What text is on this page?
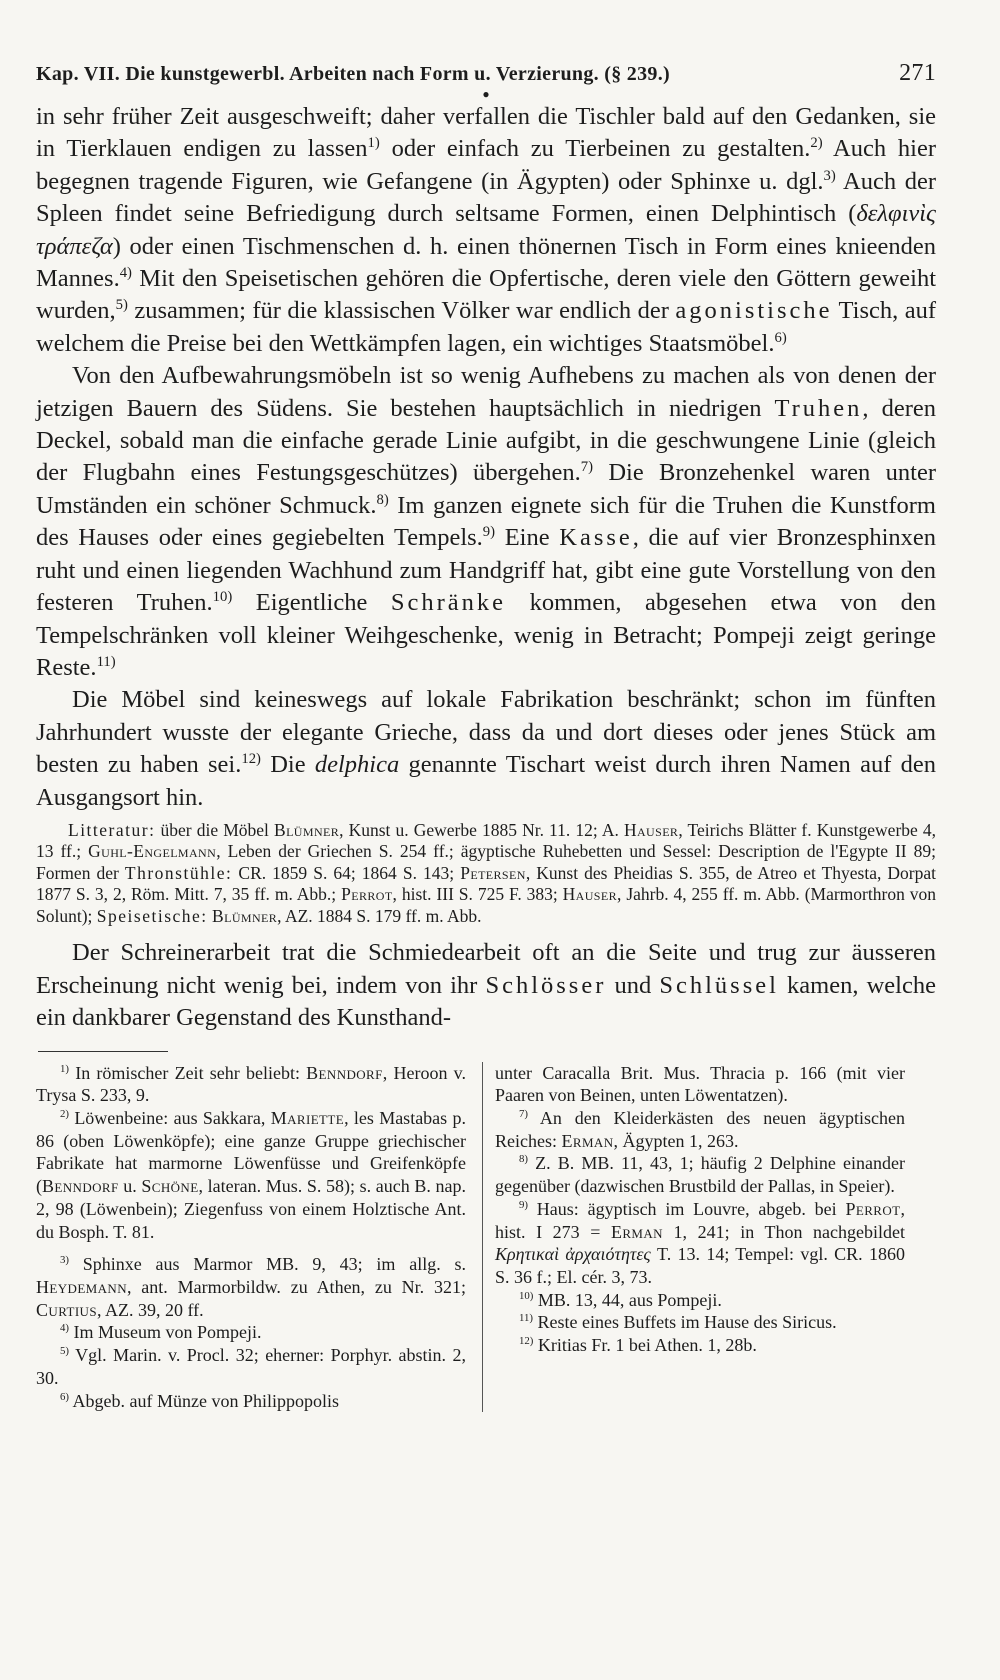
Kap. VII. Die kunstgewerbl. Arbeiten nach Form u. Verzierung. (§ 239.)	271
●

in sehr früher Zeit ausgeschweift; daher verfallen die Tischler bald auf den Gedanken, sie in Tierklauen endigen zu lassen$^{1)}$ oder einfach zu Tierbeinen zu gestalten.$^{2)}$ Auch hier begegnen tragende Figuren, wie Gefangene (in Ägypten) oder Sphinxe u. dgl.$^{3)}$ Auch der Spleen findet seine Befriedigung durch seltsame Formen, einen Delphintisch (δελφινὶς τράπεζα) oder einen Tischmenschen d. h. einen thönernen Tisch in Form eines knieenden Mannes.$^{4)}$ Mit den Speisetischen gehören die Opfertische, deren viele den Göttern geweiht wurden,$^{5)}$ zusammen; für die klassischen Völker war endlich der agonistische Tisch, auf welchem die Preise bei den Wettkämpfen lagen, ein wichtiges Staatsmöbel.$^{6)}$

Von den Aufbewahrungsmöbeln ist so wenig Aufhebens zu machen als von denen der jetzigen Bauern des Südens. Sie bestehen hauptsächlich in niedrigen Truhen, deren Deckel, sobald man die einfache gerade Linie aufgibt, in die geschwungene Linie (gleich der Flugbahn eines Festungsgeschützes) übergehen.$^{7)}$ Die Bronzehenkel waren unter Umständen ein schöner Schmuck.$^{8)}$ Im ganzen eignete sich für die Truhen die Kunstform des Hauses oder eines gegiebelten Tempels.$^{9)}$ Eine Kasse, die auf vier Bronzesphinxen ruht und einen liegenden Wachhund zum Handgriff hat, gibt eine gute Vorstellung von den festeren Truhen.$^{10)}$ Eigentliche Schränke kommen, abgesehen etwa von den Tempelschränken voll kleiner Weihgeschenke, wenig in Betracht; Pompeji zeigt geringe Reste.$^{11)}$

Die Möbel sind keineswegs auf lokale Fabrikation beschränkt; schon im fünften Jahrhundert wusste der elegante Grieche, dass da und dort dieses oder jenes Stück am besten zu haben sei.$^{12)}$ Die delphica genannte Tischart weist durch ihren Namen auf den Ausgangsort hin.

Litteratur: über die Möbel Blümner, Kunst u. Gewerbe 1885 Nr. 11. 12; A. Hauser, Teirichs Blätter f. Kunstgewerbe 4, 13 ff.; Guhl-Engelmann, Leben der Griechen S. 254 ff.; ägyptische Ruhebetten und Sessel: Description de l'Egypte II 89; Formen der Thronstühle: CR. 1859 S. 64; 1864 S. 143; Petersen, Kunst des Pheidias S. 355, de Atreo et Thyesta, Dorpat 1877 S. 3, 2, Röm. Mitt. 7, 35 ff. m. Abb.; Perrot, hist. III S. 725 F. 383; Hauser, Jahrb. 4, 255 ff. m. Abb. (Marmorthron von Solunt); Speisetische: Blümner, AZ. 1884 S. 179 ff. m. Abb.

Der Schreinerarbeit trat die Schmiedearbeit oft an die Seite und trug zur äusseren Erscheinung nicht wenig bei, indem von ihr Schlösser und Schlüssel kamen, welche ein dankbarer Gegenstand des Kunsthand-

$^{1)}$ In römischer Zeit sehr beliebt: Benndorf, Heroon v. Trysa S. 233, 9.

$^{2)}$ Löwenbeine: aus Sakkara, Mariette, les Mastabas p. 86 (oben Löwenköpfe); eine ganze Gruppe griechischer Fabrikate hat marmorne Löwenfüsse und Greifenköpfe (Benndorf u. Schöne, lateran. Mus. S. 58); s. auch B. nap. 2, 98 (Löwenbein); Ziegenfuss von einem Holztische Ant. du Bosph. T. 81.

$^{3)}$ Sphinxe aus Marmor MB. 9, 43; im allg. s. Heydemann, ant. Marmorbildw. zu Athen, zu Nr. 321; Curtius, AZ. 39, 20 ff.

$^{4)}$ Im Museum von Pompeji.

$^{5)}$ Vgl. Marin. v. Procl. 32; eherner: Porphyr. abstin. 2, 30.

$^{6)}$ Abgeb. auf Münze von Philippopolis

unter Caracalla Brit. Mus. Thracia p. 166 (mit vier Paaren von Beinen, unten Löwentatzen).

$^{7)}$ An den Kleiderkästen des neuen ägyptischen Reiches: Erman, Ägypten 1, 263.

$^{8)}$ Z. B. MB. 11, 43, 1; häufig 2 Delphine einander gegenüber (dazwischen Brustbild der Pallas, in Speier).

$^{9)}$ Haus: ägyptisch im Louvre, abgeb. bei Perrot, hist. I 273 = Erman 1, 241; in Thon nachgebildet Κρητικαὶ ἀρχαιότητες T. 13. 14; Tempel: vgl. CR. 1860 S. 36 f.; El. cér. 3, 73.

$^{10)}$ MB. 13, 44, aus Pompeji.

$^{11)}$ Reste eines Buffets im Hause des Siricus.

$^{12)}$ Kritias Fr. 1 bei Athen. 1, 28b.
